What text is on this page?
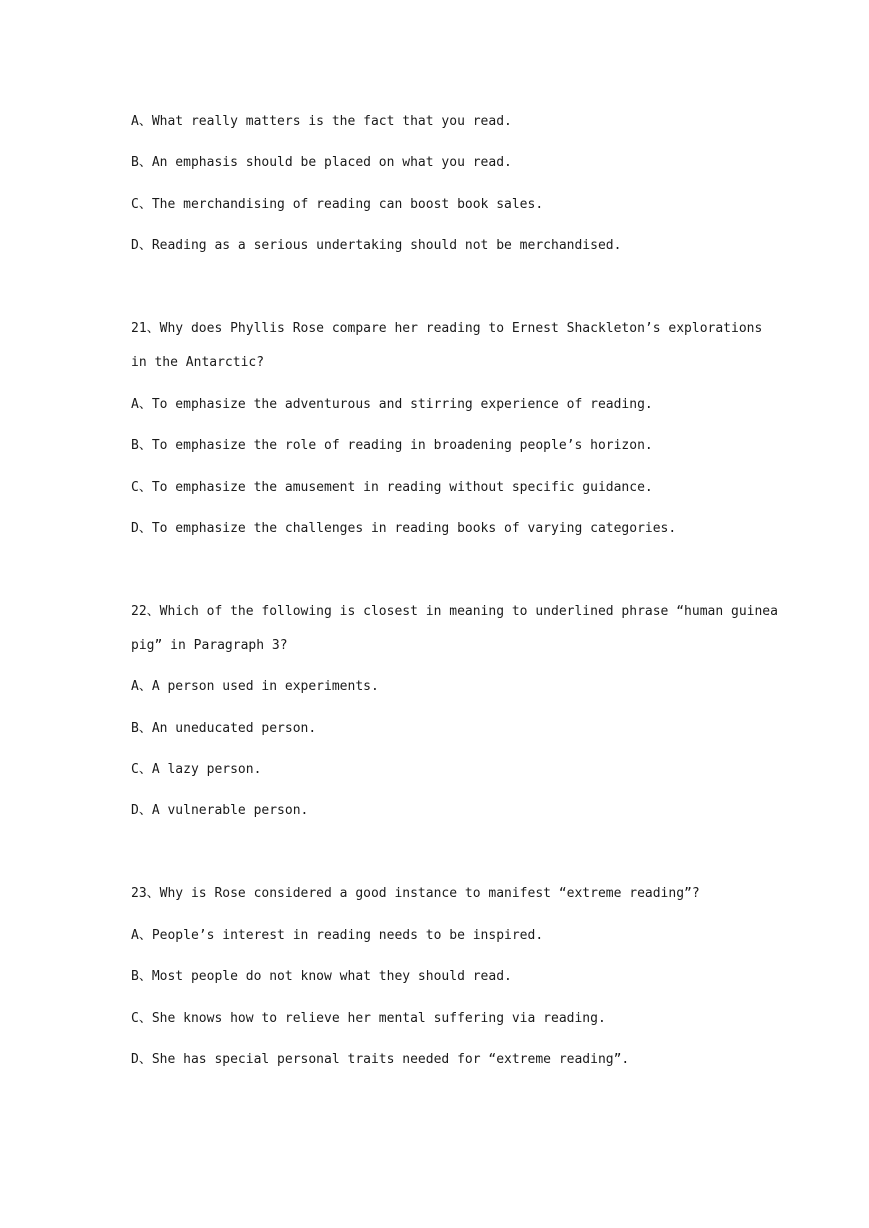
A、What really matters is the fact that you read.
B、An emphasis should be placed on what you read.
C、The merchandising of reading can boost book sales.
D、Reading as a serious undertaking should not be merchandised.
21、Why does Phyllis Rose compare her reading to Ernest Shackleton’s explorations
in the Antarctic?
A、To emphasize the adventurous and stirring experience of reading.
B、To emphasize the role of reading in broadening people’s horizon.
C、To emphasize the amusement in reading without specific guidance.
D、To emphasize the challenges in reading books of varying categories.
22、Which of the following is closest in meaning to underlined phrase “human guinea
pig” in Paragraph 3?
A、A person used in experiments.
B、An uneducated person.
C、A lazy person.
D、A vulnerable person.
23、Why is Rose considered a good instance to manifest “extreme reading”?
A、People’s interest in reading needs to be inspired.
B、Most people do not know what they should read.
C、She knows how to relieve her mental suffering via reading.
D、She has special personal traits needed for “extreme reading”.
